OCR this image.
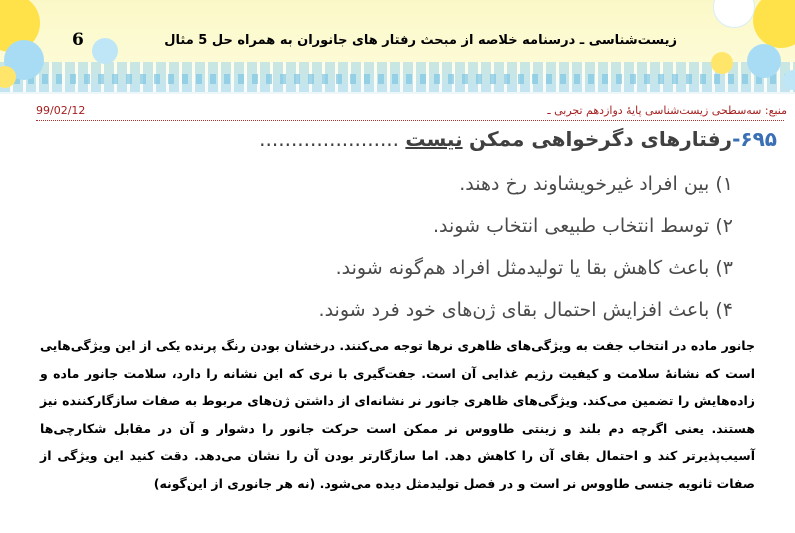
زیست‌شناسی ـ درسنامه خلاصه از مبحث رفتار های جانوران به همراه حل 5 مثال
6
منبع: سه‌سطحی زیست‌شناسی پایهٔ دوازدهم تجربی ـ
99/02/12
۶۹۵-رفتارهای دگرخواهی ممکن نیست ......................
۱) بین افراد غیرخویشاوند رخ دهند.
۲) توسط انتخاب طبیعی انتخاب شوند.
۳) باعث کاهش بقا یا تولیدمثل افراد هم‌گونه شوند.
۴) باعث افزایش احتمال بقای ژن‌های خود فرد شوند.
جانور ماده در انتخاب جفت به ویژگی‌های ظاهری نرها توجه می‌کنند. درخشان بودن رنگ پرنده یکی از این ویژگی‌هایی است که نشانهٔ سلامت و کیفیت رژیم غذایی آن است. جفت‌گیری با نری که این نشانه را دارد، سلامت جانور ماده و زاده‌هایش را تضمین می‌کند. ویژگی‌های ظاهری جانور نر نشانه‌ای از داشتن ژن‌های مربوط به صفات سازگارکننده نیز هستند. یعنی اگرچه دم بلند و زینتی طاووس نر ممکن است حرکت جانور را دشوار و آن در مقابل شکارچی‌ها آسیب‌پذیرتر کند و احتمال بقای آن را کاهش دهد. اما سازگارتر بودن آن را نشان می‌دهد. دقت کنید این ویژگی از صفات ثانویه جنسی طاووس نر است و در فصل تولیدمثل دیده می‌شود. (نه هر جانوری از این‌گونه)
